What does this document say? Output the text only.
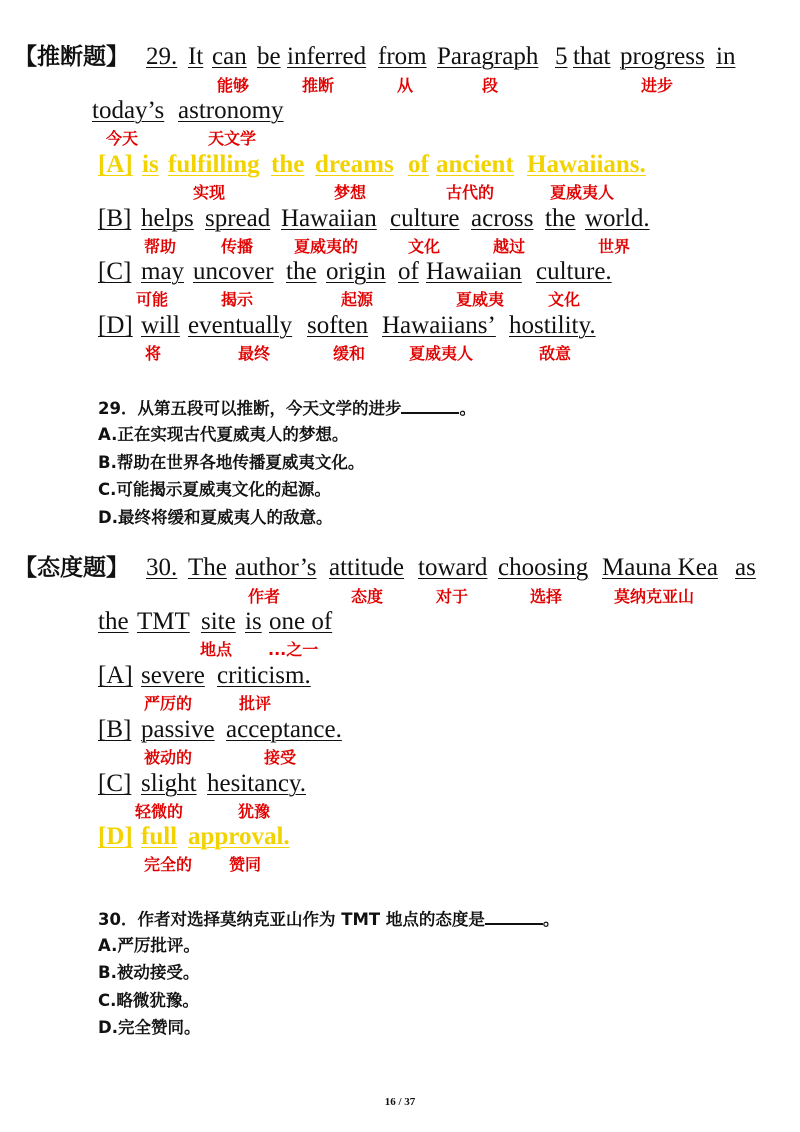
【推断题】 29. It can be inferred from Paragraph 5 that progress in
能够	推断	从	段	进步
today’s astronomy
今天	天文学
[A] is fulfilling the dreams of ancient Hawaiians.
实现	梦想	古代的	夏威夷人
[B] helps spread Hawaiian culture across the world.
帮助	传播	夏威夷的	文化	越过	世界
[C] may uncover the origin of Hawaiian culture.
可能	揭示	起源	夏威夷	文化
[D] will eventually soften Hawaiians’ hostility.
将	最终	缓和	夏威夷人	敌意
29．从第五段可以推断，今天文学的进步	。
A.正在实现古代夏威夷人的梦想。
B.帮助在世界各地传播夏威夷文化。
C.可能揭示夏威夷文化的起源。
D.最终将缓和夏威夷人的敌意。
【态度题】 30. The author’s attitude toward choosing Mauna Kea as
作者	态度	对于	选择	莫纳克亚山
the TMT site is one of
地点 ...之一
[A] severe criticism.
严厉的	批评
[B] passive acceptance.
被动的	接受
[C] slight hesitancy.
轻微的	犹豫
[D] full approval.
完全的 赞同
30．作者对选择莫纳克亚山作为 TMT 地点的态度是	。
A.严厉批评。
B.被动接受。
C.略微犹豫。
D.完全赞同。
16 / 37
